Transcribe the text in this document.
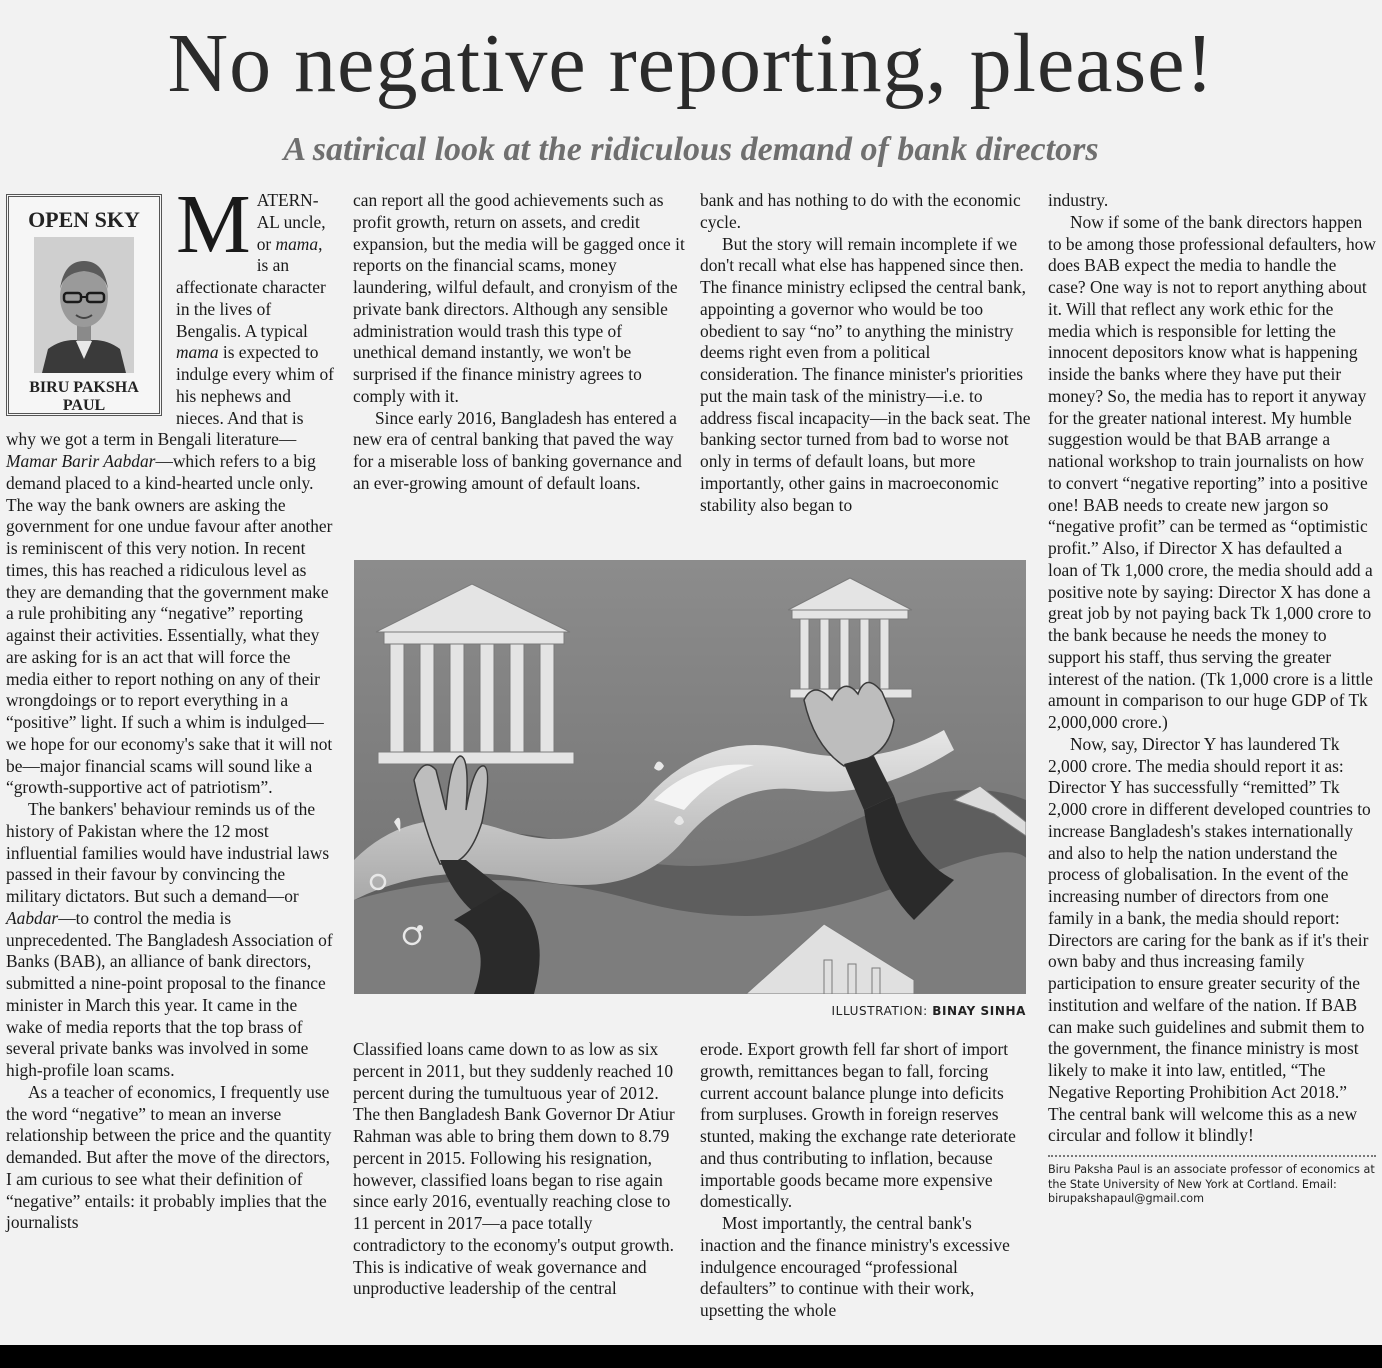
No negative reporting, please!
A satirical look at the ridiculous demand of bank directors
OPEN SKY
BIRU PAKSHA PAUL

MATERN-AL uncle, or mama, is an affectionate character in the lives of Bengalis. A typical mama is expected to indulge every whim of his nephews and nieces. And that is why we got a term in Bengali literature—Mamar Barir Aabdar—which refers to a big demand placed to a kind-hearted uncle only. The way the bank owners are asking the government for one undue favour after another is reminiscent of this very notion. In recent times, this has reached a ridiculous level as they are demanding that the government make a rule prohibiting any “negative” reporting against their activities. Essentially, what they are asking for is an act that will force the media either to report nothing on any of their wrongdoings or to report everything in a “positive” light. If such a whim is indulged—we hope for our economy's sake that it will not be—major financial scams will sound like a “growth-supportive act of patriotism”.

The bankers' behaviour reminds us of the history of Pakistan where the 12 most influential families would have industrial laws passed in their favour by convincing the military dictators. But such a demand—or Aabdar—to control the media is unprecedented. The Bangladesh Association of Banks (BAB), an alliance of bank directors, submitted a nine-point proposal to the finance minister in March this year. It came in the wake of media reports that the top brass of several private banks was involved in some high-profile loan scams.

As a teacher of economics, I frequently use the word “negative” to mean an inverse relationship between the price and the quantity demanded. But after the move of the directors, I am curious to see what their definition of “negative” entails: it probably implies that the journalists

can report all the good achievements such as profit growth, return on assets, and credit expansion, but the media will be gagged once it reports on the financial scams, money laundering, wilful default, and cronyism of the private bank directors. Although any sensible administration would trash this type of unethical demand instantly, we won't be surprised if the finance ministry agrees to comply with it.

Since early 2016, Bangladesh has entered a new era of central banking that paved the way for a miserable loss of banking governance and an ever-growing amount of default loans.

bank and has nothing to do with the economic cycle.

But the story will remain incomplete if we don't recall what else has happened since then. The finance ministry eclipsed the central bank, appointing a governor who would be too obedient to say “no” to anything the ministry deems right even from a political consideration. The finance minister's priorities put the main task of the ministry—i.e. to address fiscal incapacity—in the back seat. The banking sector turned from bad to worse not only in terms of default loans, but more importantly, other gains in macroeconomic stability also began to

ILLUSTRATION: BINAY SINHA

Classified loans came down to as low as six percent in 2011, but they suddenly reached 10 percent during the tumultuous year of 2012. The then Bangladesh Bank Governor Dr Atiur Rahman was able to bring them down to 8.79 percent in 2015. Following his resignation, however, classified loans began to rise again since early 2016, eventually reaching close to 11 percent in 2017—a pace totally contradictory to the economy's output growth. This is indicative of weak governance and unproductive leadership of the central

erode. Export growth fell far short of import growth, remittances began to fall, forcing current account balance plunge into deficits from surpluses. Growth in foreign reserves stunted, making the exchange rate deteriorate and thus contributing to inflation, because importable goods became more expensive domestically.

Most importantly, the central bank's inaction and the finance ministry's excessive indulgence encouraged “professional defaulters” to continue with their work, upsetting the whole

industry.

Now if some of the bank directors happen to be among those professional defaulters, how does BAB expect the media to handle the case? One way is not to report anything about it. Will that reflect any work ethic for the media which is responsible for letting the innocent depositors know what is happening inside the banks where they have put their money? So, the media has to report it anyway for the greater national interest. My humble suggestion would be that BAB arrange a national workshop to train journalists on how to convert “negative reporting” into a positive one! BAB needs to create new jargon so “negative profit” can be termed as “optimistic profit.” Also, if Director X has defaulted a loan of Tk 1,000 crore, the media should add a positive note by saying: Director X has done a great job by not paying back Tk 1,000 crore to the bank because he needs the money to support his staff, thus serving the greater interest of the nation. (Tk 1,000 crore is a little amount in comparison to our huge GDP of Tk 2,000,000 crore.)

Now, say, Director Y has laundered Tk 2,000 crore. The media should report it as: Director Y has successfully “remitted” Tk 2,000 crore in different developed countries to increase Bangladesh's stakes internationally and also to help the nation understand the process of globalisation. In the event of the increasing number of directors from one family in a bank, the media should report: Directors are caring for the bank as if it's their own baby and thus increasing family participation to ensure greater security of the institution and welfare of the nation. If BAB can make such guidelines and submit them to the government, the finance ministry is most likely to make it into law, entitled, “The Negative Reporting Prohibition Act 2018.” The central bank will welcome this as a new circular and follow it blindly!

Biru Paksha Paul is an associate professor of economics at the State University of New York at Cortland. Email: birupakshapaul@gmail.com
